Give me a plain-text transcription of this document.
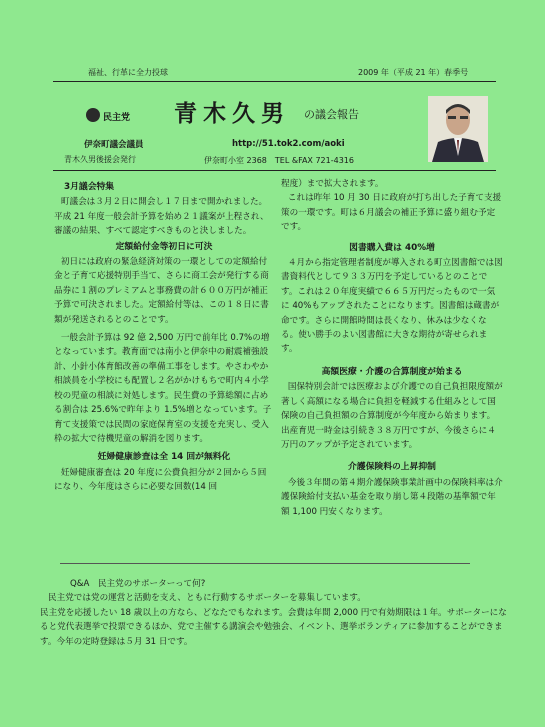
福祉、行革に全力投球	2009 年（平成 21 年）春季号
民主党 青木久男 の議会報告
伊奈町議会議員
青木久男後援会発行
http://51.tok2.com/aoki
伊奈町小室 2368　TEL &FAX 721-4316
3月議会特集

町議会は３月２日に開会し１７日まで開かれました。平成 21 年度一般会計予算を始め２１議案が上程され、審議の結果、すべて認定すべきものと決しました。

定額給付金等初日に可決

初日には政府の緊急経済対策の一環としての定額給付金と子育て応援特別手当て、さらに商工会が発行する商品券に１割のプレミアムと事務費の計６００万円が補正予算で可決されました。定額給付等は、この１８日に書類が発送されるとのことです。

一般会計予算は 92 億 2,500 万円で前年比 0.7%の増となっています。教育面では南小と伊奈中の耐震補強設計、小針小体育館改善の準備工事をします。やさわやか相談員を小学校にも配置し２名がかけもちで町内４小学校の児童の相談に対処します。民生費の予算総額に占める割合は 25.6%で昨年より 1.5%増となっています。子育て支援策では民間の家庭保育室の支援を充実し、受入枠の拡大で待機児童の解消を図ります。

妊婦健康診査は全 14 回が無料化

妊婦健康審査は 20 年度に公費負担分が２回から５回になり、今年度はさらに必要な回数(14 回

程度）まで拡大されます。

これは昨年 10 月 30 日に政府が打ち出した子育て支援策の一環です。町は６月議会の補正予算に盛り組む予定です。

図書購入費は 40%増

４月から指定管理者制度が導入される町立図書館では図書資料代として９３３万円を予定しているとのことです。これは２０年度実績で６６５万円だったもので一気に 40%もアップされたことになります。図書館は蔵書が命です。さらに開館時間は長くなり、休みは少なくなる。使い勝手のよい図書館に大きな期待が寄せられます。

高額医療・介護の合算制度が始まる

国保特別会計では医療および介護での自己負担限度額が著しく高額になる場合に負担を軽減する仕組みとして国保険の自己負担額の合算制度が今年度から始まります。出産育児一時金は引続き３８万円ですが、今後さらに４万円のアップが予定されています。

介護保険料の上昇抑制

今後３年間の第４期介護保険事業計画中の保険料率は介護保険給付支払い基金を取り崩し第４段階の基準額で年額 1,100 円安くなります。

Q&A　民主党のサポーターって何?

民主党では党の運営と活動を支え、ともに行動するサポーターを募集しています。

民主党を応援したい 18 歳以上の方なら、どなたでもなれます。会費は年間 2,000 円で有効期限は１年。サポーターになると党代表選挙で投票できるほか、党で主催する講演会や勉強会、イベント、選挙ボランティアに参加することができます。今年の定時登録は５月 31 日です。
